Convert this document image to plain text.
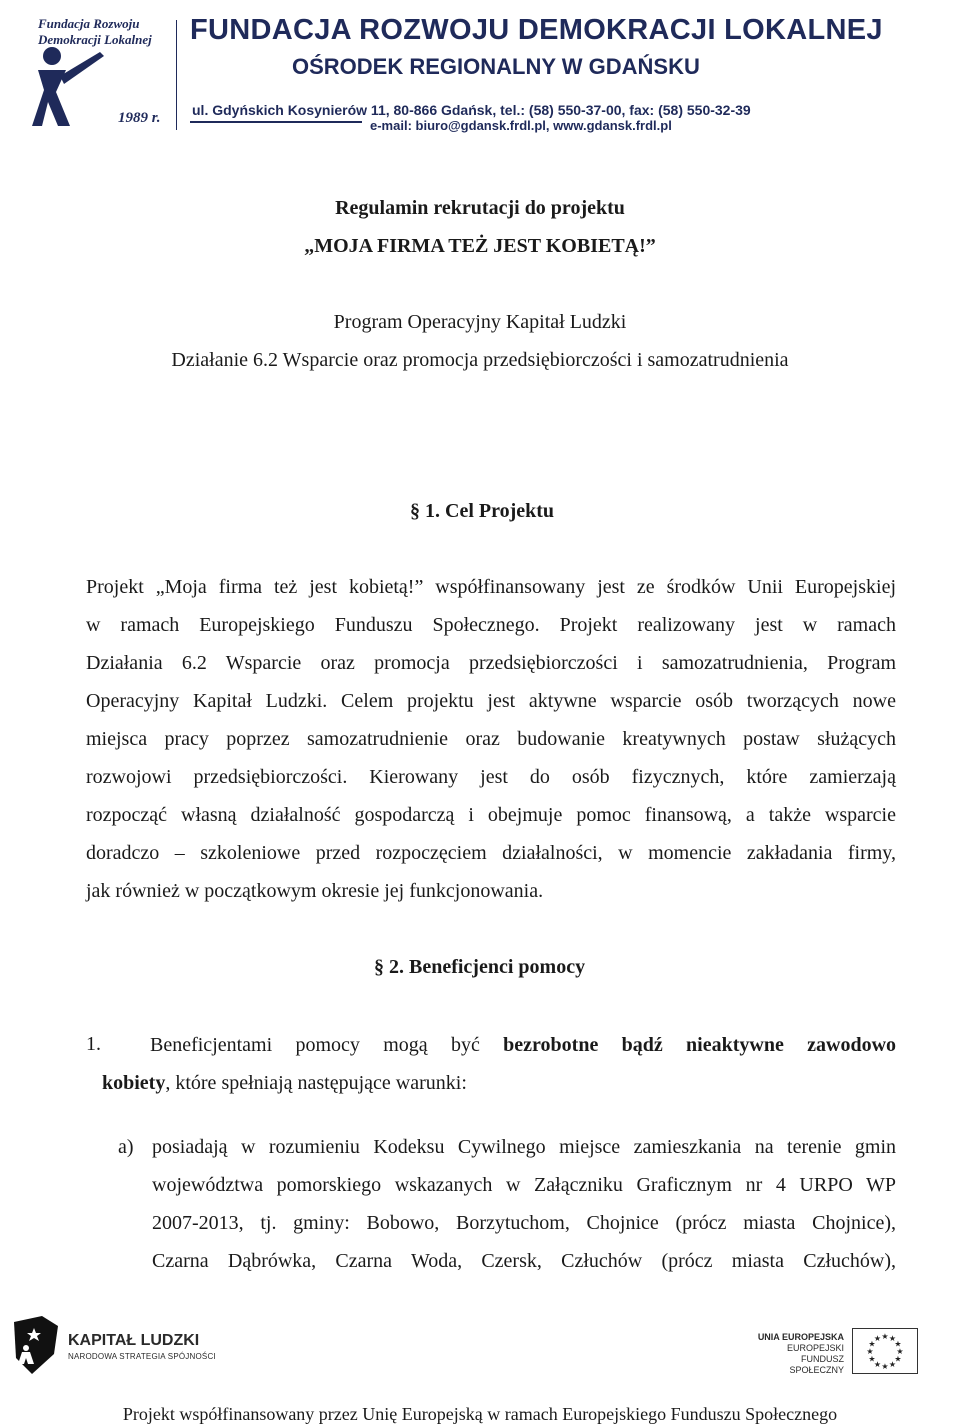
Fundacja Rozwoju
Demokracji Lokalnej
1989 r.
FUNDACJA ROZWOJU DEMOKRACJI LOKALNEJ
OŚRODEK REGIONALNY W GDAŃSKU
ul. Gdyńskich Kosynierów 11, 80-866 Gdańsk, tel.: (58) 550-37-00, fax: (58) 550-32-39
e-mail: biuro@gdansk.frdl.pl, www.gdansk.frdl.pl
Regulamin rekrutacji do projektu
„MOJA FIRMA TEŻ JEST KOBIETĄ!”
Program Operacyjny Kapitał Ludzki
Działanie 6.2 Wsparcie oraz promocja przedsiębiorczości i samozatrudnienia
§ 1. Cel Projektu
Projekt „Moja firma też jest kobietą!” współfinansowany jest ze środków Unii Europejskiej
w ramach Europejskiego Funduszu Społecznego. Projekt realizowany jest w ramach
Działania 6.2 Wsparcie oraz promocja przedsiębiorczości i samozatrudnienia, Program
Operacyjny Kapitał Ludzki. Celem projektu jest aktywne wsparcie osób tworzących nowe
miejsca pracy poprzez samozatrudnienie oraz budowanie kreatywnych postaw służących
rozwojowi przedsiębiorczości. Kierowany jest do osób fizycznych, które zamierzają
rozpocząć własną działalność gospodarczą i obejmuje pomoc finansową, a także wsparcie
doradczo – szkoleniowe przed rozpoczęciem działalności, w momencie zakładania firmy,
jak również w początkowym okresie jej funkcjonowania.
§ 2. Beneficjenci pomocy
1. Beneficjentami pomocy mogą być bezrobotne bądź nieaktywne zawodowo
kobiety, które spełniają następujące warunki:
a) posiadają w rozumieniu Kodeksu Cywilnego miejsce zamieszkania na terenie gmin
województwa pomorskiego wskazanych w Załączniku Graficznym nr 4 URPO WP
2007-2013, tj. gminy: Bobowo, Borzytuchom, Chojnice (prócz miasta Chojnice),
Czarna Dąbrówka, Czarna Woda, Czersk, Człuchów (prócz miasta Człuchów),
KAPITAŁ LUDZKI
NARODOWA STRATEGIA SPÓJNOŚCI
UNIA EUROPEJSKA
EUROPEJSKI
FUNDUSZ SPOŁECZNY
★ ★
★
★
★
★
★
★
★
★
★
★
Projekt współfinansowany przez Unię Europejską w ramach Europejskiego Funduszu Społecznego
